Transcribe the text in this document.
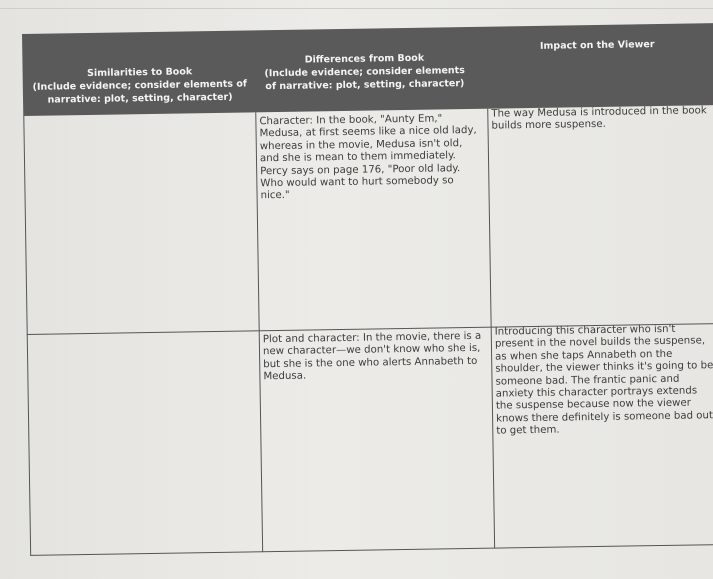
Similarities to Book
(Include evidence; consider elements of narrative: plot, setting, character)
Differences from Book
(Include evidence; consider elements of narrative: plot, setting, character)
Impact on the Viewer
Character: In the book, "Aunty Em," Medusa, at first seems like a nice old lady, whereas in the movie, Medusa isn't old, and she is mean to them immediately. Percy says on page 176, "Poor old lady. Who would want to hurt somebody so nice."
The way Medusa is introduced in the book builds more suspense.
Plot and character: In the movie, there is a new character—we don't know who she is, but she is the one who alerts Annabeth to Medusa.
Introducing this character who isn't present in the novel builds the suspense, as when she taps Annabeth on the shoulder, the viewer thinks it's going to be someone bad. The frantic panic and anxiety this character portrays extends the suspense because now the viewer knows there definitely is someone bad out to get them.
